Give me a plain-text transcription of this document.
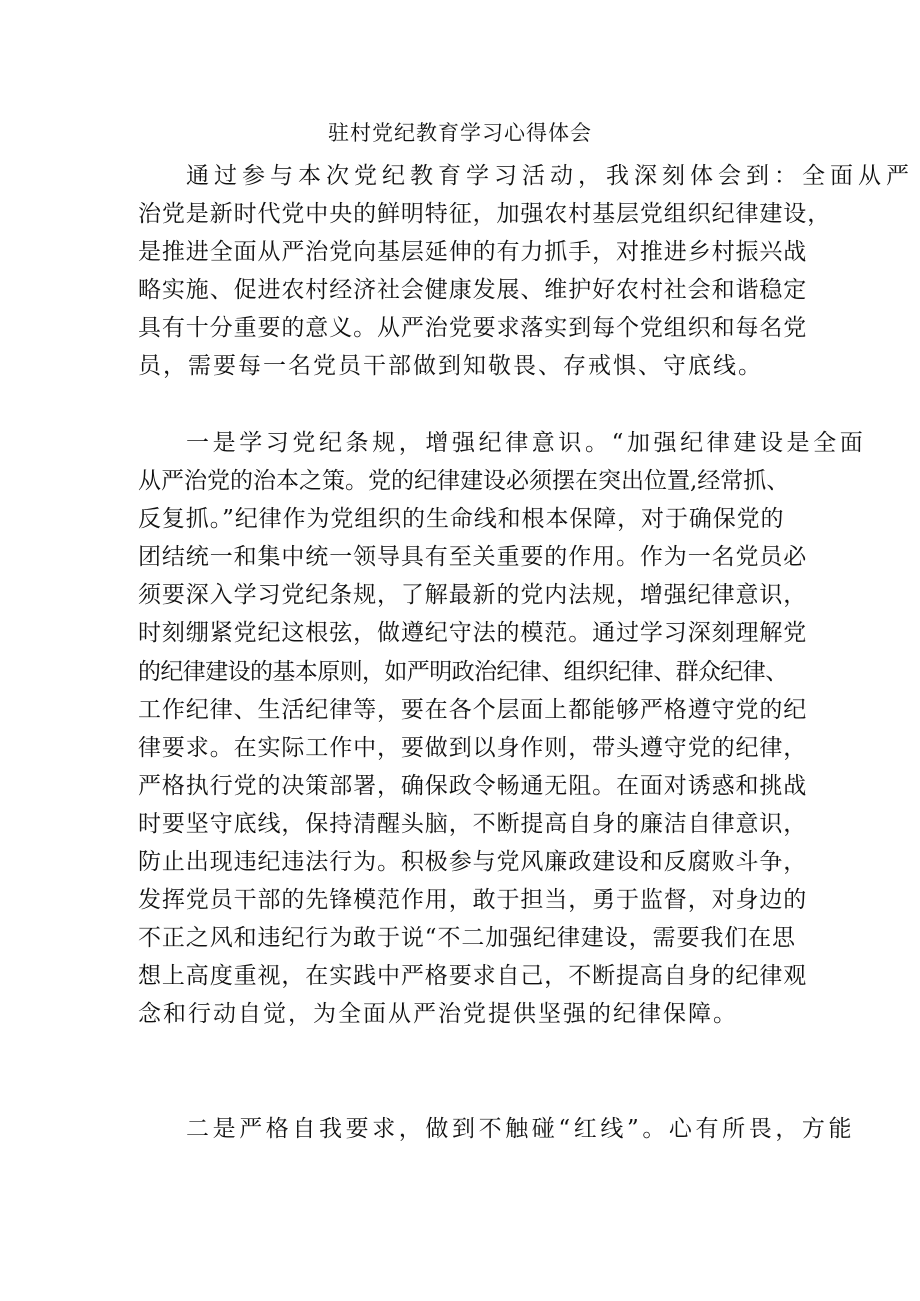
驻村党纪教育学习心得体会
通过参与本次党纪教育学习活动，我深刻体会到：全面从严
治党是新时代党中央的鲜明特征，加强农村基层党组织纪律建设，
是推进全面从严治党向基层延伸的有力抓手，对推进乡村振兴战
略实施、促进农村经济社会健康发展、维护好农村社会和谐稳定
具有十分重要的意义。从严治党要求落实到每个党组织和每名党
员，需要每一名党员干部做到知敬畏、存戒惧、守底线。
一是学习党纪条规，增强纪律意识。“加强纪律建设是全面
从严治党的治本之策。党的纪律建设必须摆在突出位置,经常抓、
反复抓。”纪律作为党组织的生命线和根本保障，对于确保党的
团结统一和集中统一领导具有至关重要的作用。作为一名党员必
须要深入学习党纪条规，了解最新的党内法规，增强纪律意识，
时刻绷紧党纪这根弦，做遵纪守法的模范。通过学习深刻理解党
的纪律建设的基本原则，如严明政治纪律、组织纪律、群众纪律、
工作纪律、生活纪律等，要在各个层面上都能够严格遵守党的纪
律要求。在实际工作中，要做到以身作则，带头遵守党的纪律，
严格执行党的决策部署，确保政令畅通无阻。在面对诱惑和挑战
时要坚守底线，保持清醒头脑，不断提高自身的廉洁自律意识，
防止出现违纪违法行为。积极参与党风廉政建设和反腐败斗争，
发挥党员干部的先锋模范作用，敢于担当，勇于监督，对身边的
不正之风和违纪行为敢于说“不二加强纪律建设，需要我们在思
想上高度重视，在实践中严格要求自己，不断提高自身的纪律观
念和行动自觉，为全面从严治党提供坚强的纪律保障。
二是严格自我要求，做到不触碰“红线”。心有所畏，方能
